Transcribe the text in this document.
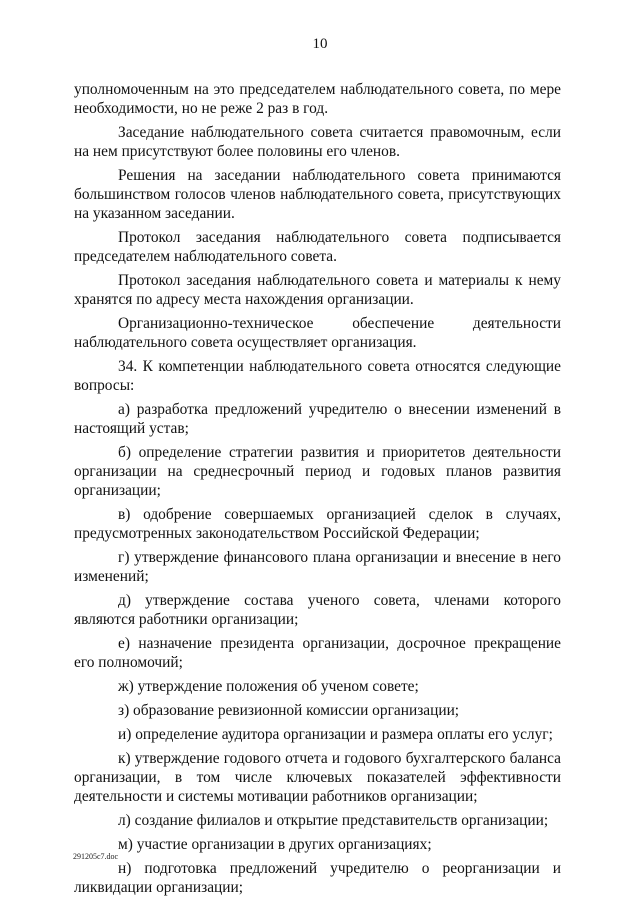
10

уполномоченным на это председателем наблюдательного совета, по мере необходимости, но не реже 2 раз в год.

Заседание наблюдательного совета считается правомочным, если на нем присутствуют более половины его членов.

Решения на заседании наблюдательного совета принимаются большинством голосов членов наблюдательного совета, присутствующих на указанном заседании.

Протокол заседания наблюдательного совета подписывается председателем наблюдательного совета.

Протокол заседания наблюдательного совета и материалы к нему хранятся по адресу места нахождения организации.

Организационно-техническое обеспечение деятельности наблюдательного совета осуществляет организация.

34. К компетенции наблюдательного совета относятся следующие вопросы:

а) разработка предложений учредителю о внесении изменений в настоящий устав;

б) определение стратегии развития и приоритетов деятельности организации на среднесрочный период и годовых планов развития организации;

в) одобрение совершаемых организацией сделок в случаях, предусмотренных законодательством Российской Федерации;

г) утверждение финансового плана организации и внесение в него изменений;

д) утверждение состава ученого совета, членами которого являются работники организации;

е) назначение президента организации, досрочное прекращение его полномочий;

ж) утверждение положения об ученом совете;

з) образование ревизионной комиссии организации;

и) определение аудитора организации и размера оплаты его услуг;

к) утверждение годового отчета и годового бухгалтерского баланса организации, в том числе ключевых показателей эффективности деятельности и системы мотивации работников организации;

л) создание филиалов и открытие представительств организации;

м) участие организации в других организациях;

н) подготовка предложений учредителю о реорганизации и ликвидации организации;

291205c7.doc
